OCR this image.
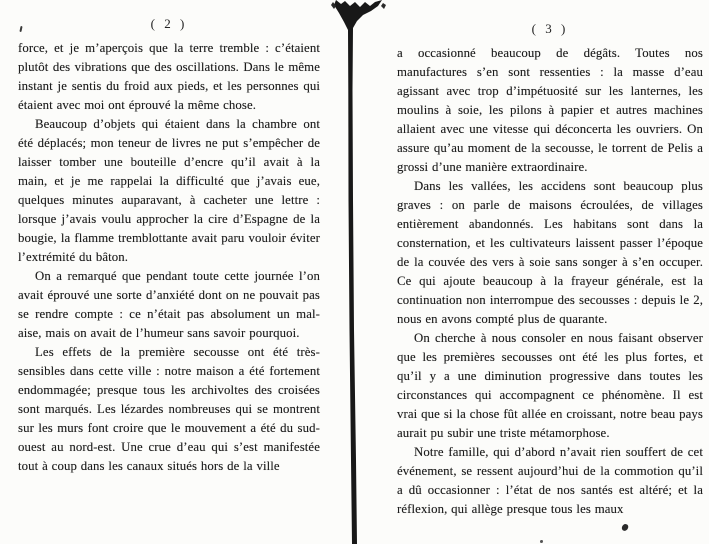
( 2 )

force, et je m’aperçois que la terre tremble : c’étaient plutôt des vibrations que des oscillations. Dans le même instant je sentis du froid aux pieds, et les personnes qui étaient avec moi ont éprouvé la même chose.

Beaucoup d’objets qui étaient dans la chambre ont été déplacés; mon teneur de livres ne put s’empêcher de laisser tomber une bouteille d’encre qu’il avait à la main, et je me rappelai la difficulté que j’avais eue, quelques minutes auparavant, à cacheter une lettre : lorsque j’avais voulu approcher la cire d’Espagne de la bougie, la flamme tremblottante avait paru vouloir éviter l’extrémité du bâton.

On a remarqué que pendant toute cette journée l’on avait éprouvé une sorte d’anxiété dont on ne pouvait pas se rendre compte : ce n’était pas absolument un mal-aise, mais on avait de l’humeur sans savoir pourquoi.

Les effets de la première secousse ont été très-sensibles dans cette ville : notre maison a été fortement endommagée; presque tous les archivoltes des croisées sont marqués. Les lézardes nombreuses qui se montrent sur les murs font croire que le mouvement a été du sud-ouest au nord-est. Une crue d’eau qui s’est manifestée tout à coup dans les canaux situés hors de la ville

( 3 )

a occasionné beaucoup de dégâts. Toutes nos manufactures s’en sont ressenties : la masse d’eau agissant avec trop d’impétuosité sur les lanternes, les moulins à soie, les pilons à papier et autres machines allaient avec une vitesse qui déconcerta les ouvriers. On assure qu’au moment de la secousse, le torrent de Pelis a grossi d’une manière extraordinaire.

Dans les vallées, les accidens sont beaucoup plus graves : on parle de maisons écroulées, de villages entièrement abandonnés. Les habitans sont dans la consternation, et les cultivateurs laissent passer l’époque de la couvée des vers à soie sans songer à s’en occuper. Ce qui ajoute beaucoup à la frayeur générale, est la continuation non interrompue des secousses : depuis le 2, nous en avons compté plus de quarante.

On cherche à nous consoler en nous faisant observer que les premières secousses ont été les plus fortes, et qu’il y a une diminution progressive dans toutes les circonstances qui accompagnent ce phénomène. Il est vrai que si la chose fût allée en croissant, notre beau pays aurait pu subir une triste métamorphose.

Notre famille, qui d’abord n’avait rien souffert de cet événement, se ressent aujourd’hui de la commotion qu’il a dû occasionner : l’état de nos santés est altéré; et la réflexion, qui allège presque tous les maux
